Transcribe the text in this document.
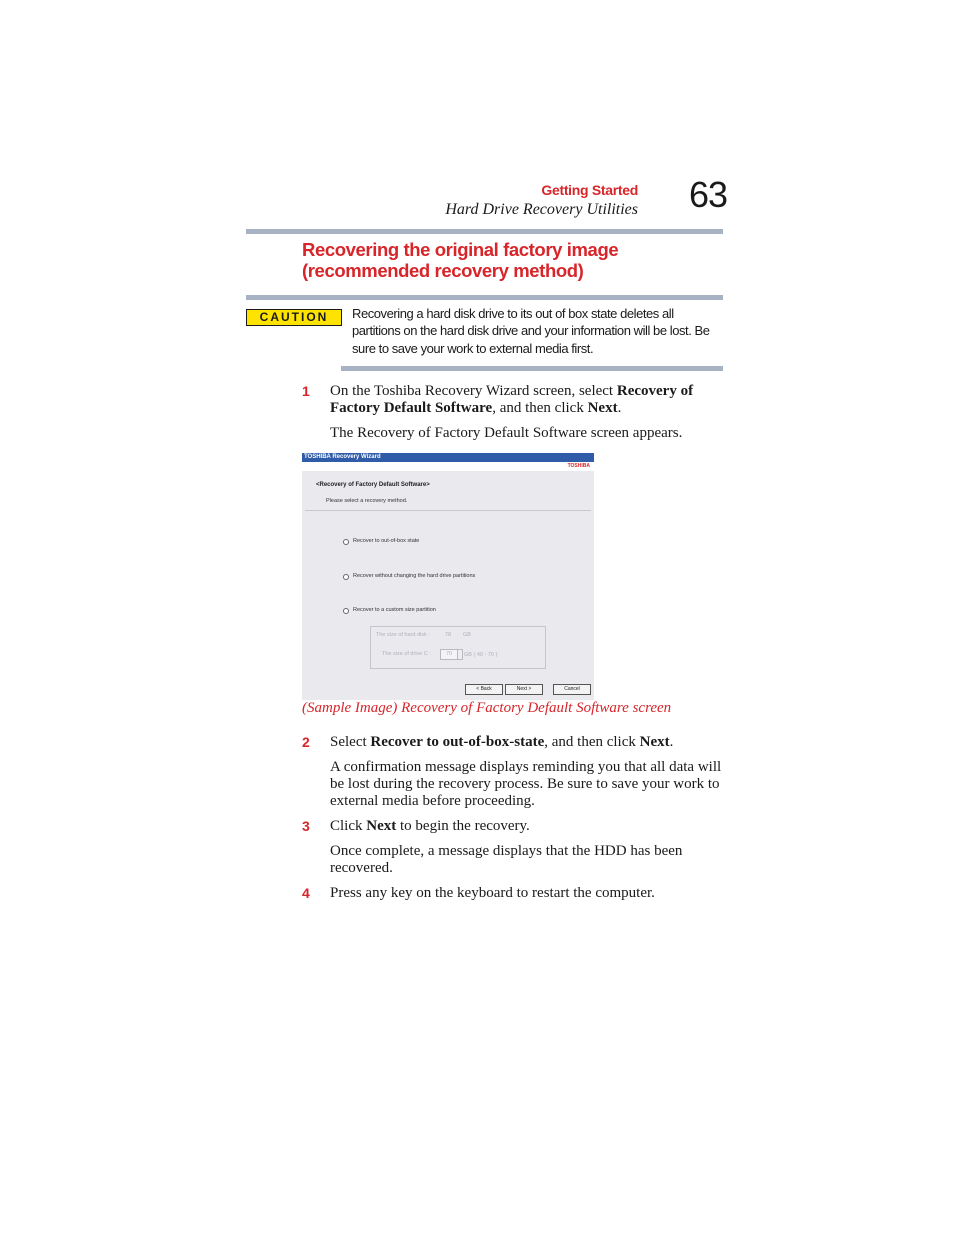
Getting Started
Hard Drive Recovery Utilities 63
Recovering the original factory image (recommended recovery method)
CAUTION	Recovering a hard disk drive to its out of box state deletes all partitions on the hard disk drive and your information will be lost. Be sure to save your work to external media first.
1 On the Toshiba Recovery Wizard screen, select Recovery of Factory Default Software, and then click Next.
The Recovery of Factory Default Software screen appears.
TOSHIBA Recovery Wizard
TOSHIBA
<Recovery of Factory Default Software>
Please select a recovery method.
Recover to out-of-box state
Recover without changing the hard drive partitions
Recover to a custom size partition
The size of hard disk :	78 GB
The size of drive C :	70	GB ( 40 - 70 )
< Back	Next >	Cancel
(Sample Image) Recovery of Factory Default Software screen
2 Select Recover to out-of-box-state, and then click Next.
A confirmation message displays reminding you that all data will be lost during the recovery process. Be sure to save your work to external media before proceeding.
3 Click Next to begin the recovery.
Once complete, a message displays that the HDD has been recovered.
4 Press any key on the keyboard to restart the computer.
